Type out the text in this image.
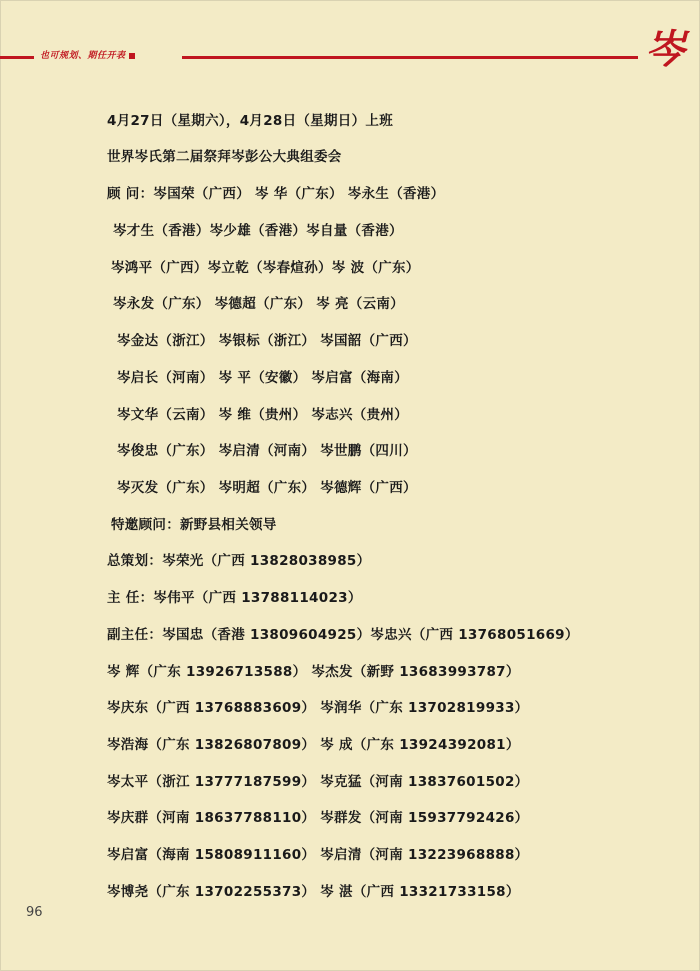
也可规划、期任开表	岑
4月27日（星期六），4月28日（星期日）上班
世界岑氏第二届祭拜岑彭公大典组委会
顾 问：岑国荣（广西） 岑 华（广东） 岑永生（香港）
岑才生（香港）岑少雄（香港）岑自量（香港）
岑鸿平（广西）岑立乾（岑春煊孙）岑 波（广东）
岑永发（广东） 岑德超（广东） 岑 亮（云南）
岑金达（浙江） 岑银标（浙江） 岑国韶（广西）
岑启长（河南） 岑 平（安徽） 岑启富（海南）
岑文华（云南） 岑 维（贵州） 岑志兴（贵州）
岑俊忠（广东） 岑启清（河南） 岑世鹏（四川）
岑灭发（广东） 岑明超（广东） 岑德辉（广西）
特邀顾问：新野县相关领导
总策划：岑荣光（广西 13828038985）
主 任：岑伟平（广西 13788114023）
副主任：岑国忠（香港 13809604925）岑忠兴（广西 13768051669）
岑 辉（广东 13926713588） 岑杰发（新野 13683993787）
岑庆东（广西 13768883609） 岑润华（广东 13702819933）
岑浩海（广东 13826807809） 岑 成（广东 13924392081）
岑太平（浙江 13777187599） 岑克猛（河南 13837601502）
岑庆群（河南 18637788110） 岑群发（河南 15937792426）
岑启富（海南 15808911160） 岑启清（河南 13223968888）
岑博尧（广东 13702255373） 岑 湛（广西 13321733158）
96
